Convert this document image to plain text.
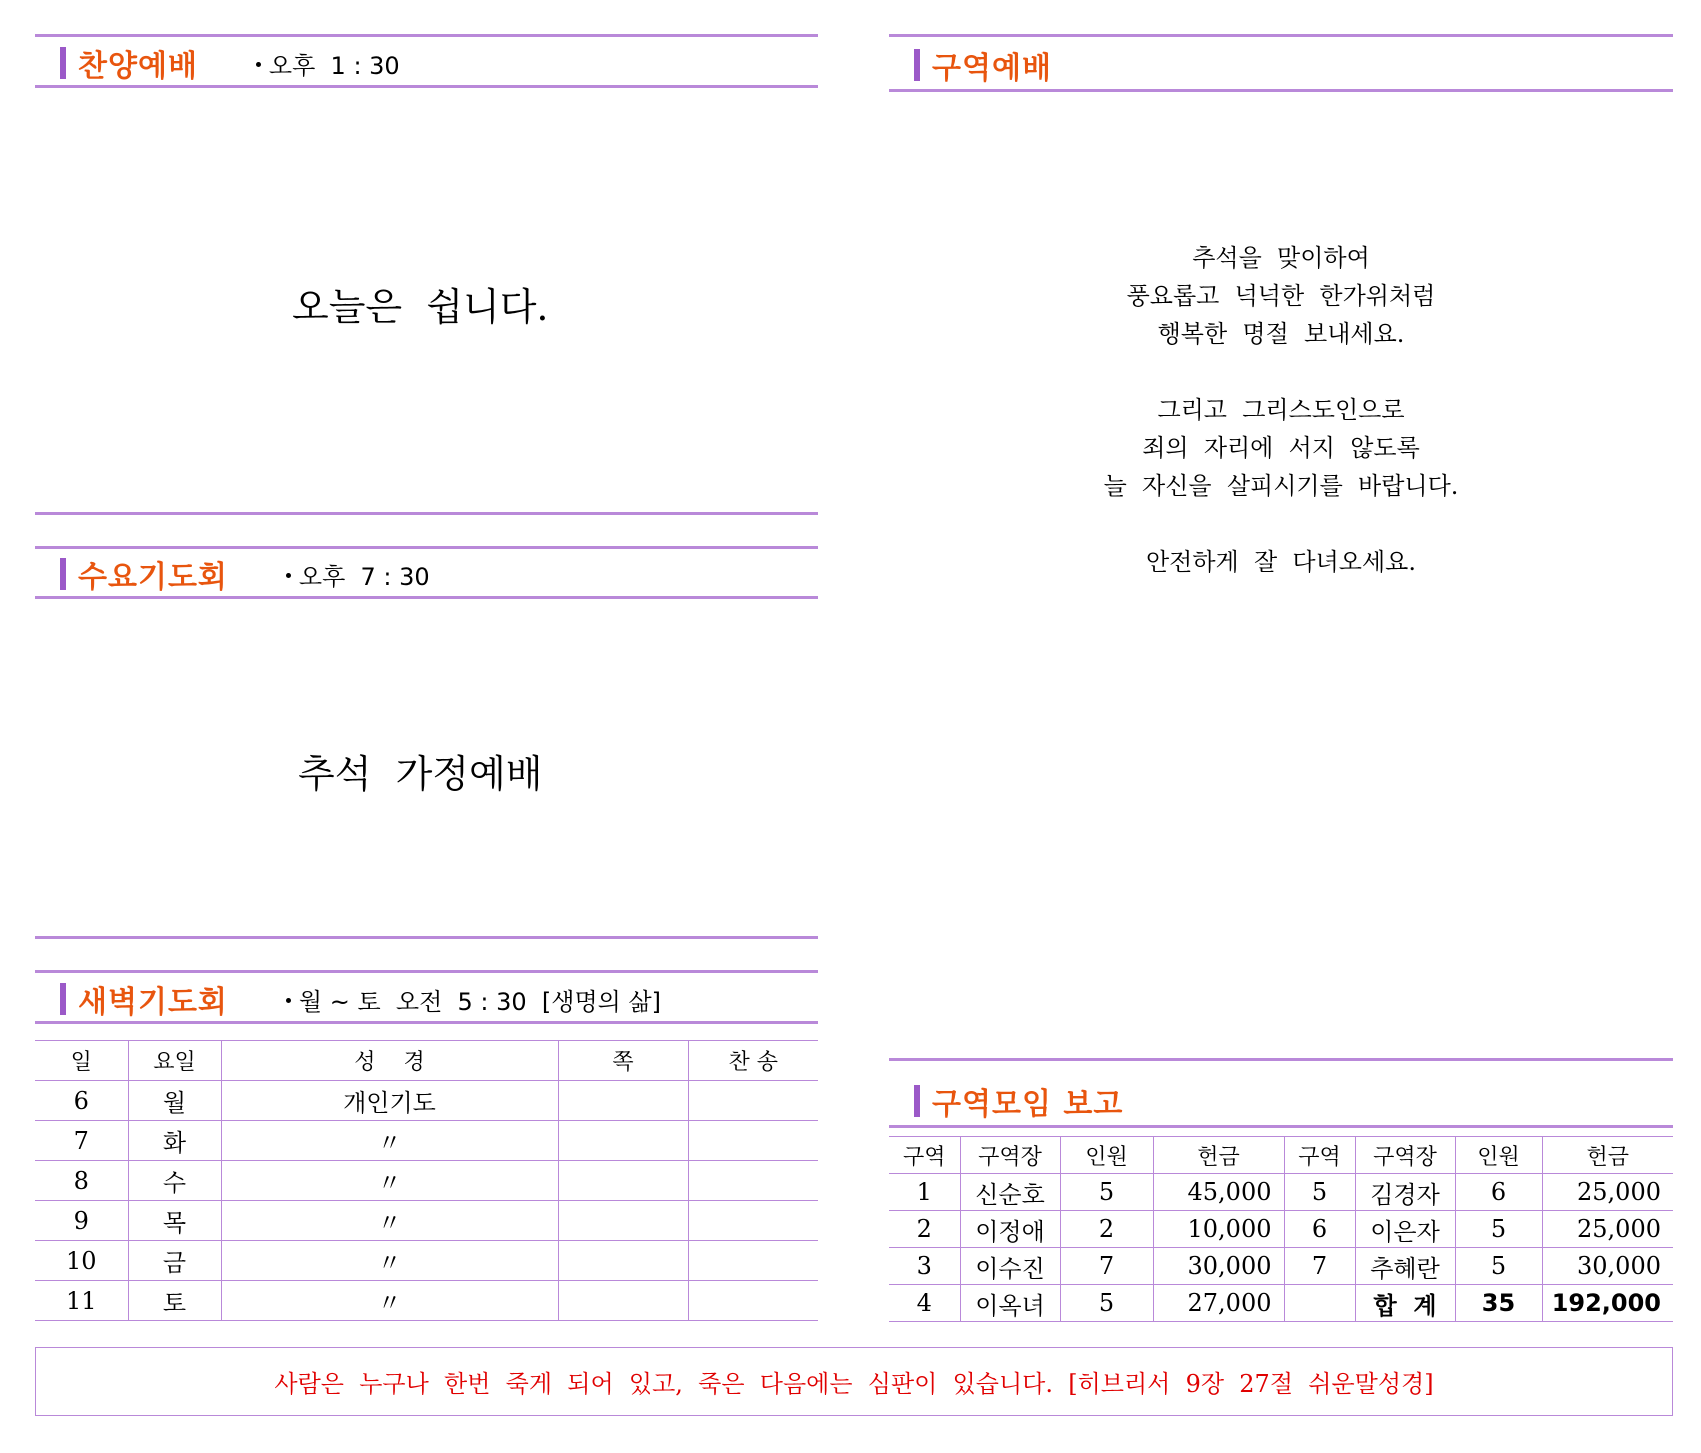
찬양예배	오후  1 : 30
오늘은  쉽니다.
수요기도회	오후  7 : 30
추석  가정예배
새벽기도회	월 ~ 토  오전  5 : 30  [생명의 삶]
일	요일	성    경	쪽	찬 송
6	월	개인기도		
7	화	〃		
8	수	〃		
9	목	〃		
10	금	〃		
11	토	〃		
구역예배
추석을  맞이하여
풍요롭고  넉넉한  한가위처럼
행복한  명절  보내세요.
그리고  그리스도인으로
죄의  자리에  서지  않도록
늘  자신을  살피시기를  바랍니다.
안전하게  잘  다녀오세요.
구역모임 보고
구역	구역장	인원	헌금	구역	구역장	인원	헌금
1	신순호	5	45,000	5	김경자	6	25,000
2	이정애	2	10,000	6	이은자	5	25,000
3	이수진	7	30,000	7	추혜란	5	30,000
4	이옥녀	5	27,000		합  계	35	192,000
사람은  누구나  한번  죽게  되어  있고,  죽은  다음에는  심판이  있습니다.  [히브리서  9장  27절  쉬운말성경]
